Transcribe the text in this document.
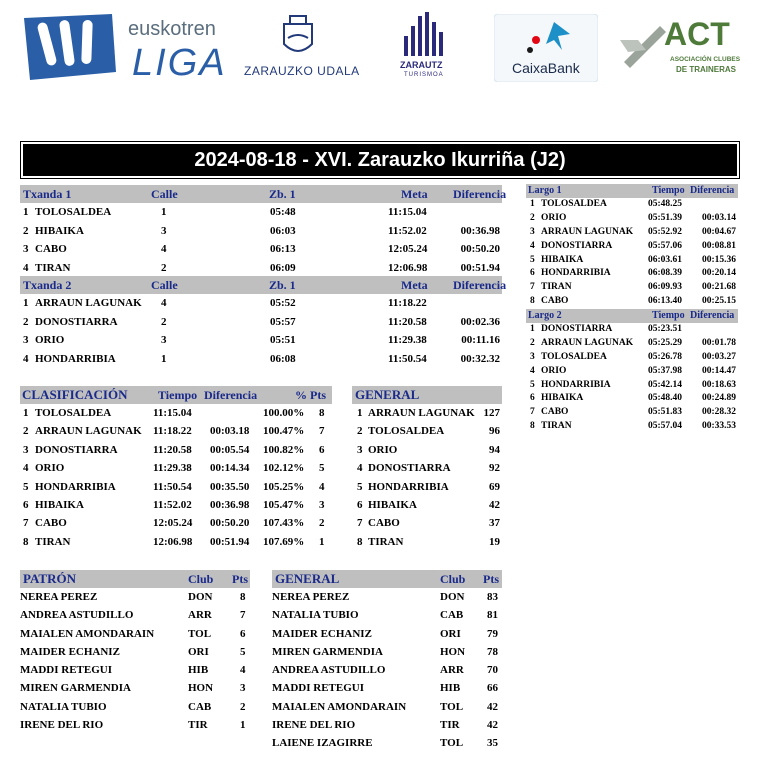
euskotren
LIGA ZARAUZKO UDALA	ZARAUTZ
TURISMOA	CaixaBank
ACT
ASOCIACIÓN CLUBES
DE TRAINERAS
2024-08-18 - XVI. Zarauzko Ikurriña (J2)
Txanda 1	Calle	Zb. 1	Meta Diferencia
1 TOLOSALDEA	1	05:48	11:15.04
2 HIBAIKA	3	06:03	11:52.02	00:36.98
3 CABO	4	06:13	12:05.24	00:50.20
4 TIRAN	2	06:09	12:06.98	00:51.94
Txanda 2	Calle	Zb. 1	Meta Diferencia
1 ARRAUN LAGUNAK 4	05:52	11:18.22
2 DONOSTIARRA	2	05:57	11:20.58	00:02.36
3 ORIO	3	05:51	11:29.38	00:11.16
4 HONDARRIBIA	1	06:08	11:50.54	00:32.32
Largo 1	Tiempo Diferencia
1 TOLOSALDEA	05:48.25
2 ORIO	05:51.39 00:03.14
3 ARRAUN LAGUNAK 05:52.92 00:04.67
4 DONOSTIARRA	05:57.06 00:08.81
5 HIBAIKA	06:03.61 00:15.36
6 HONDARRIBIA	06:08.39 00:20.14
7 TIRAN	06:09.93 00:21.68
8 CABO	06:13.40 00:25.15
Largo 2	Tiempo Diferencia
1 DONOSTIARRA	05:23.51
2 ARRAUN LAGUNAK 05:25.29 00:01.78
3 TOLOSALDEA	05:26.78 00:03.27
4 ORIO	05:37.98 00:14.47
5 HONDARRIBIA	05:42.14 00:18.63
6 HIBAIKA	05:48.40 00:24.89
7 CABO	05:51.83 00:28.32
8 TIRAN	05:57.04 00:33.53
CLASIFICACIÓN	Tiempo Diferencia	% Pts
1 TOLOSALDEA	11:15.04	100.00% 8
2 ARRAUN LAGUNAK 11:18.22 00:03.18 100.47% 7
3 DONOSTIARRA	11:20.58 00:05.54 100.82% 6
4 ORIO	11:29.38 00:14.34 102.12% 5
5 HONDARRIBIA	11:50.54 00:35.50 105.25% 4
6 HIBAIKA	11:52.02 00:36.98 105.47% 3
7 CABO	12:05.24 00:50.20 107.43% 2
8 TIRAN	12:06.98 00:51.94 107.69% 1
GENERAL
1 ARRAUN LAGUNAK 127
2 TOLOSALDEA	96
3 ORIO	94
4 DONOSTIARRA	92
5 HONDARRIBIA	69
6 HIBAIKA	42
7 CABO	37
8 TIRAN	19
PATRÓN	Club Pts
NEREA PEREZ	DON	8
ANDREA ASTUDILLO	ARR	7
MAIALEN AMONDARAIN	TOL	6
MAIDER ECHANIZ	ORI	5
MADDI RETEGUI	HIB	4
MIREN GARMENDIA	HON 3
NATALIA TUBIO	CAB	2
IRENE DEL RIO	TIR	1
GENERAL	Club Pts
NEREA PEREZ	DON 83
NATALIA TUBIO	CAB 81
MAIDER ECHANIZ	ORI 79
MIREN GARMENDIA	HON 78
ANDREA ASTUDILLO	ARR 70
MADDI RETEGUI	HIB 66
MAIALEN AMONDARAIN	TOL 42
IRENE DEL RIO	TIR 42
LAIENE IZAGIRRE	TOL 35
